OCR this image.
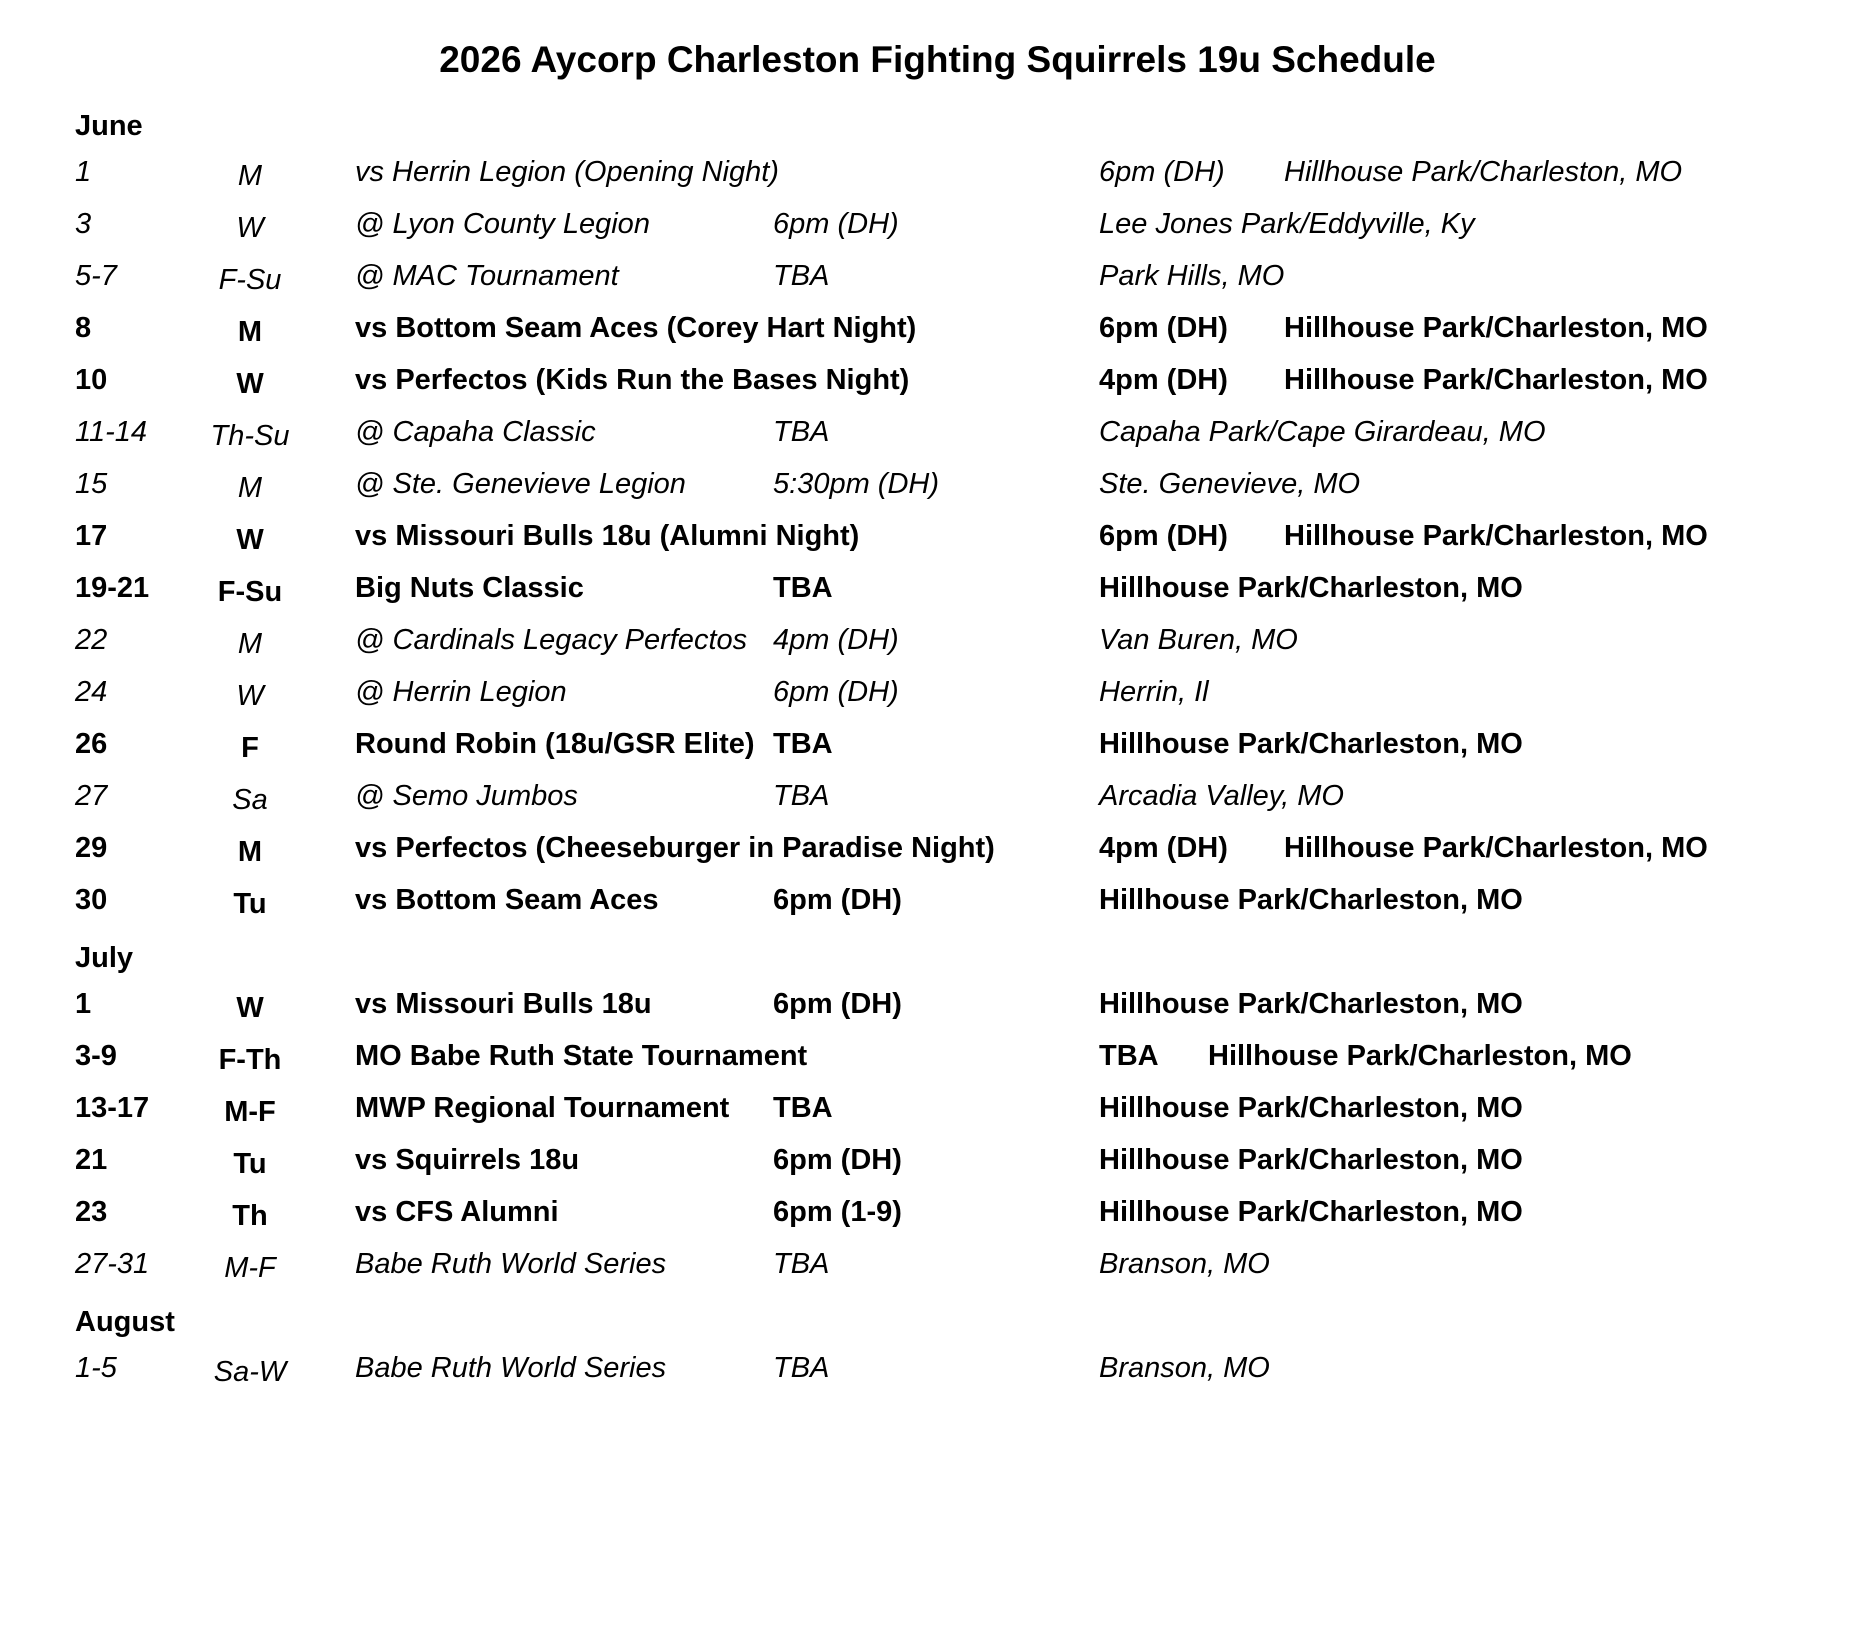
2026 Aycorp Charleston Fighting Squirrels 19u Schedule
June
1	M	vs Herrin Legion (Opening Night)	6pm (DH) Hillhouse Park/Charleston, MO
3	W	@ Lyon County Legion	6pm (DH)	Lee Jones Park/Eddyville, Ky
5-7	F-Su	@ MAC Tournament	TBA	Park Hills, MO
8	M	vs Bottom Seam Aces (Corey Hart Night)	6pm (DH) Hillhouse Park/Charleston, MO
10	W	vs Perfectos (Kids Run the Bases Night)	4pm (DH) Hillhouse Park/Charleston, MO
11-14 Th-Su @ Capaha Classic	TBA	Capaha Park/Cape Girardeau, MO
15	M	@ Ste. Genevieve Legion	5:30pm (DH)	Ste. Genevieve, MO
17	W	vs Missouri Bulls 18u (Alumni Night)	6pm (DH) Hillhouse Park/Charleston, MO
19-21 F-Su	Big Nuts Classic	TBA	Hillhouse Park/Charleston, MO
22	M	@ Cardinals Legacy Perfectos 4pm (DH)	Van Buren, MO
24	W	@ Herrin Legion	6pm (DH)	Herrin, Il
26	F	Round Robin (18u/GSR Elite) TBA	Hillhouse Park/Charleston, MO
27	Sa	@ Semo Jumbos	TBA	Arcadia Valley, MO
29	M	vs Perfectos (Cheeseburger in Paradise Night)	4pm (DH) Hillhouse Park/Charleston, MO
30	Tu	vs Bottom Seam Aces	6pm (DH)	Hillhouse Park/Charleston, MO
July
1	W	vs Missouri Bulls 18u	6pm (DH)	Hillhouse Park/Charleston, MO
3-9	F-Th	MO Babe Ruth State Tournament	TBA Hillhouse Park/Charleston, MO
13-17	M-F	MWP Regional Tournament TBA	Hillhouse Park/Charleston, MO
21	Tu	vs Squirrels 18u	6pm (DH)	Hillhouse Park/Charleston, MO
23	Th	vs CFS Alumni	6pm (1-9)	Hillhouse Park/Charleston, MO
27-31	M-F	Babe Ruth World Series	TBA	Branson, MO
August
1-5	Sa-W Babe Ruth World Series	TBA	Branson, MO
